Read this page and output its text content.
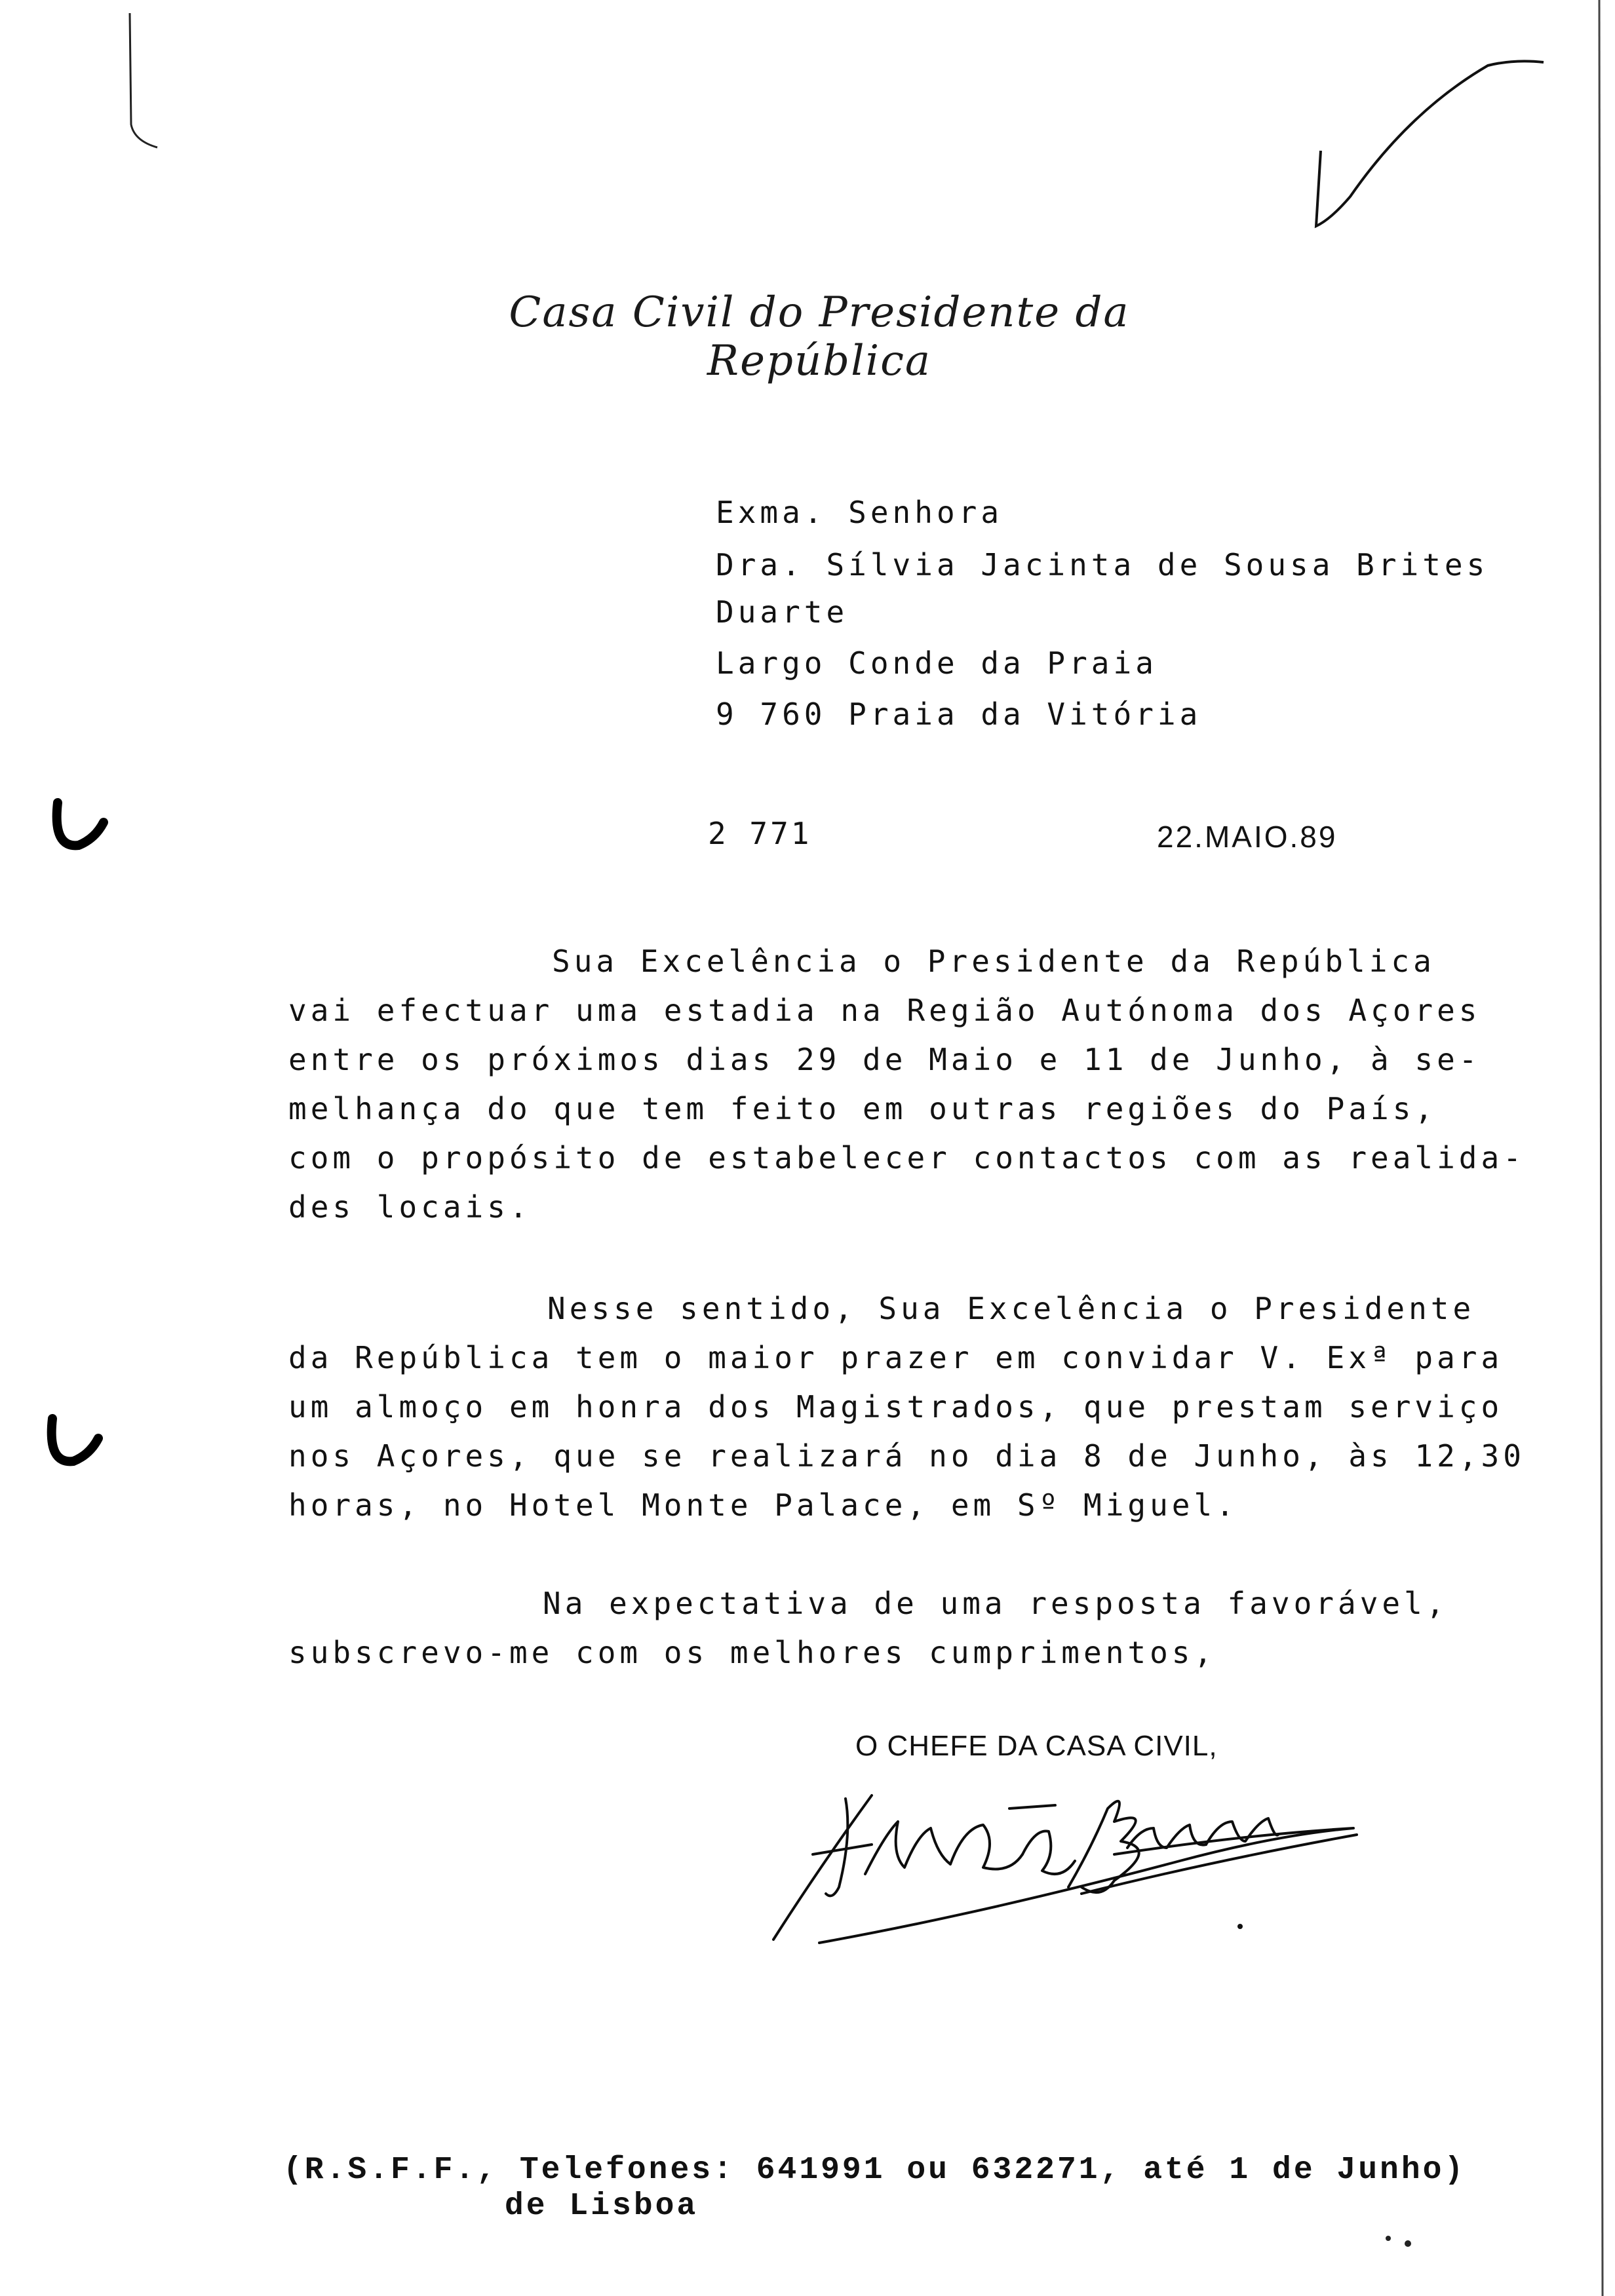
Casa Civil do Presidente da República
Exma. Senhora
Dra. Sílvia Jacinta de Sousa Brites
Duarte
Largo Conde da Praia
9 760 Praia da Vitória
2 771	22.MAIO.89
Sua Excelência o Presidente da República
vai efectuar uma estadia na Região Autónoma dos Açores
entre os próximos dias 29 de Maio e 11 de Junho, à se-
melhança do que tem feito em outras regiões do País,
com o propósito de estabelecer contactos com as realida-
des locais.
Nesse sentido, Sua Excelência o Presidente
da República tem o maior prazer em convidar V. Exª para
um almoço em honra dos Magistrados, que prestam serviço
nos Açores, que se realizará no dia 8 de Junho, às 12,30
horas, no Hotel Monte Palace, em Sº Miguel.
Na expectativa de uma resposta favorável,
subscrevo-me com os melhores cumprimentos,
O CHEFE DA CASA CIVIL,
(R.S.F.F., Telefones: 641991 ou 632271, até 1 de Junho)
de Lisboa
